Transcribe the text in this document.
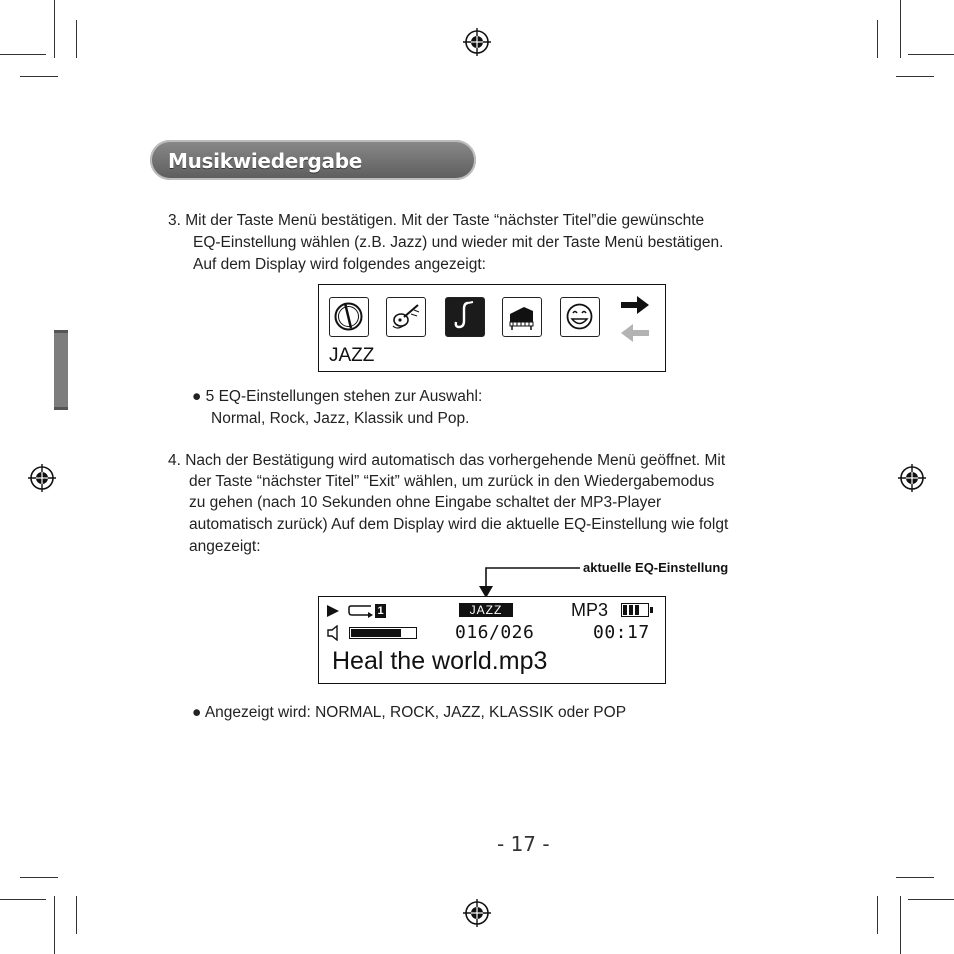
Musikwiedergabe
3. Mit der Taste Menü bestätigen. Mit der Taste “nächster Titel”die gewünschte
EQ-Einstellung wählen (z.B. Jazz) und wieder mit der Taste Menü bestätigen.
Auf dem Display wird folgendes angezeigt:
JAZZ
● 5 EQ-Einstellungen stehen zur Auswahl:
Normal, Rock, Jazz, Klassik und Pop.
4. Nach der Bestätigung wird automatisch das vorhergehende Menü geöffnet. Mit
der Taste “nächster Titel” “Exit” wählen, um zurück in den Wiedergabemodus
zu gehen (nach 10 Sekunden ohne Eingabe schaltet der MP3-Player
automatisch zurück) Auf dem Display wird die aktuelle EQ-Einstellung wie folgt
angezeigt:
aktuelle EQ-Einstellung
1	JAZZ	MP3
016/026	00:17
Heal the world.mp3
● Angezeigt wird: NORMAL, ROCK, JAZZ, KLASSIK oder POP
- 17 -
